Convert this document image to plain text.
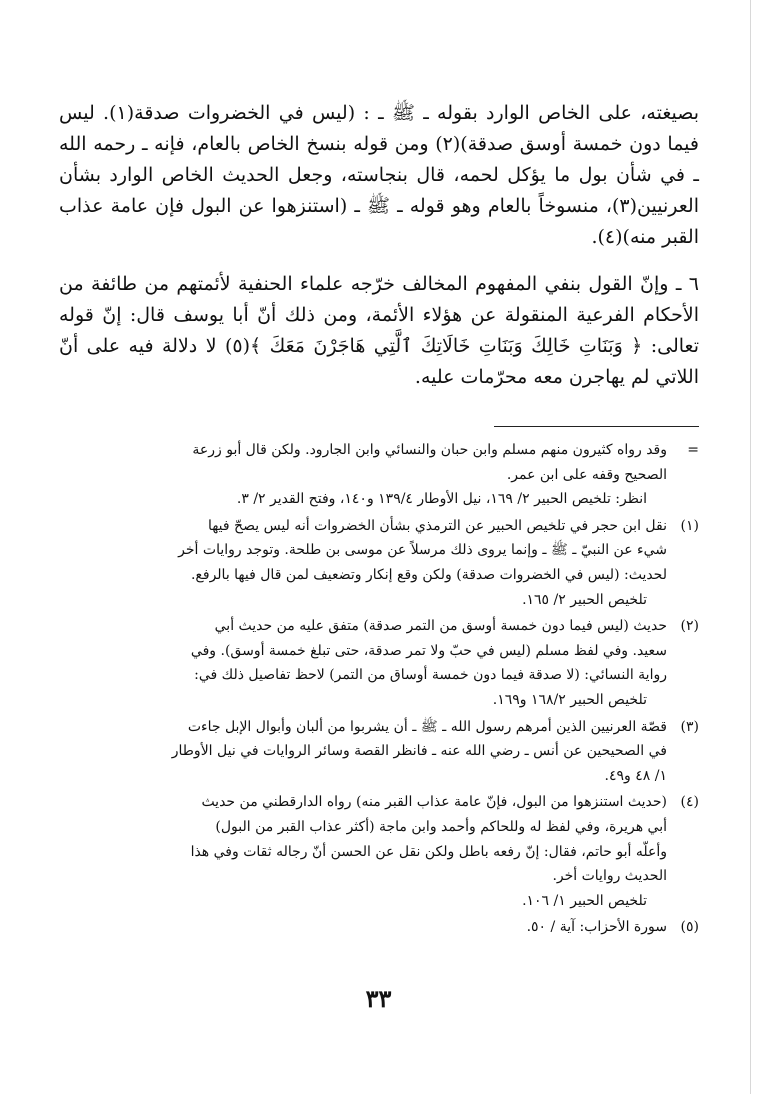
بصيغته، على الخاص الوارد بقوله ـ ﷺ ـ : (ليس في الخضروات صدقة(١). ليس فيما دون خمسة أوسق صدقة)(٢) ومن قوله بنسخ الخاص بالعام، فإنه ـ رحمه الله ـ في شأن بول ما يؤكل لحمه، قال بنجاسته، وجعل الحديث الخاص الوارد بشأن العرنيين(٣)، منسوخاً بالعام وهو قوله ـ ﷺ ـ (استنزهوا عن البول فإن عامة عذاب القبر منه)(٤).

٦ ـ وإنّ القول بنفي المفهوم المخالف خرّجه علماء الحنفية لأئمتهم من طائفة من الأحكام الفرعية المنقولة عن هؤلاء الأئمة، ومن ذلك أنّ أبا يوسف قال: إنّ قوله تعالى: ﴿ وَبَنَاتِ خَالِكَ وَبَنَاتِ خَالَاتِكَ ٱلَّتِي هَاجَرْنَ مَعَكَ ﴾(٥) لا دلالة فيه على أنّ اللاتي لم يهاجرن معه محرّمات عليه.

=
وقد رواه كثيرون منهم مسلم وابن حبان والنسائي وابن الجارود. ولكن قال أبو زرعة
الصحيح وقفه على ابن عمر.
انظر: تلخيص الحبير ٢/ ١٦٩، نيل الأوطار ١٣٩/٤ و١٤٠، وفتح القدير ٢/ ٣.
(١)
نقل ابن حجر في تلخيص الحبير عن الترمذي بشأن الخضروات أنه ليس يصحّ فيها
شيء عن النبيّ ـ ﷺ ـ وإنما يروى ذلك مرسلاً عن موسى بن طلحة. وتوجد روايات أخر
لحديث: (ليس في الخضروات صدقة) ولكن وقع إنكار وتضعيف لمن قال فيها بالرفع.
تلخيص الحبير ٢/ ١٦٥.
(٢)
حديث (ليس فيما دون خمسة أوسق من التمر صدقة) متفق عليه من حديث أبي
سعيد. وفي لفظ مسلم (ليس في حبّ ولا تمر صدقة، حتى تبلغ خمسة أوسق). وفي
رواية النسائي: (لا صدقة فيما دون خمسة أوساق من التمر) لاحظ تفاصيل ذلك في:
تلخيص الحبير ١٦٨/٢ و١٦٩.
(٣)
قصّة العرنيين الذين أمرهم رسول الله ـ ﷺ ـ أن يشربوا من ألبان وأبوال الإبل جاءت
في الصحيحين عن أنس ـ رضي الله عنه ـ فانظر القصة وسائر الروايات في نيل الأوطار
١/ ٤٨ و٤٩.
(٤)
(حديث استنزهوا من البول، فإنّ عامة عذاب القبر منه) رواه الدارقطني من حديث
أبي هريرة، وفي لفظ له وللحاكم وأحمد وابن ماجة (أكثر عذاب القبر من البول)
وأعلّه أبو حاتم، فقال: إنّ رفعه باطل ولكن نقل عن الحسن أنّ رجاله ثقات وفي هذا
الحديث روايات أخر.
تلخيص الحبير ١/ ١٠٦.
(٥)
سورة الأحزاب: آية / ٥٠.
٣٣
